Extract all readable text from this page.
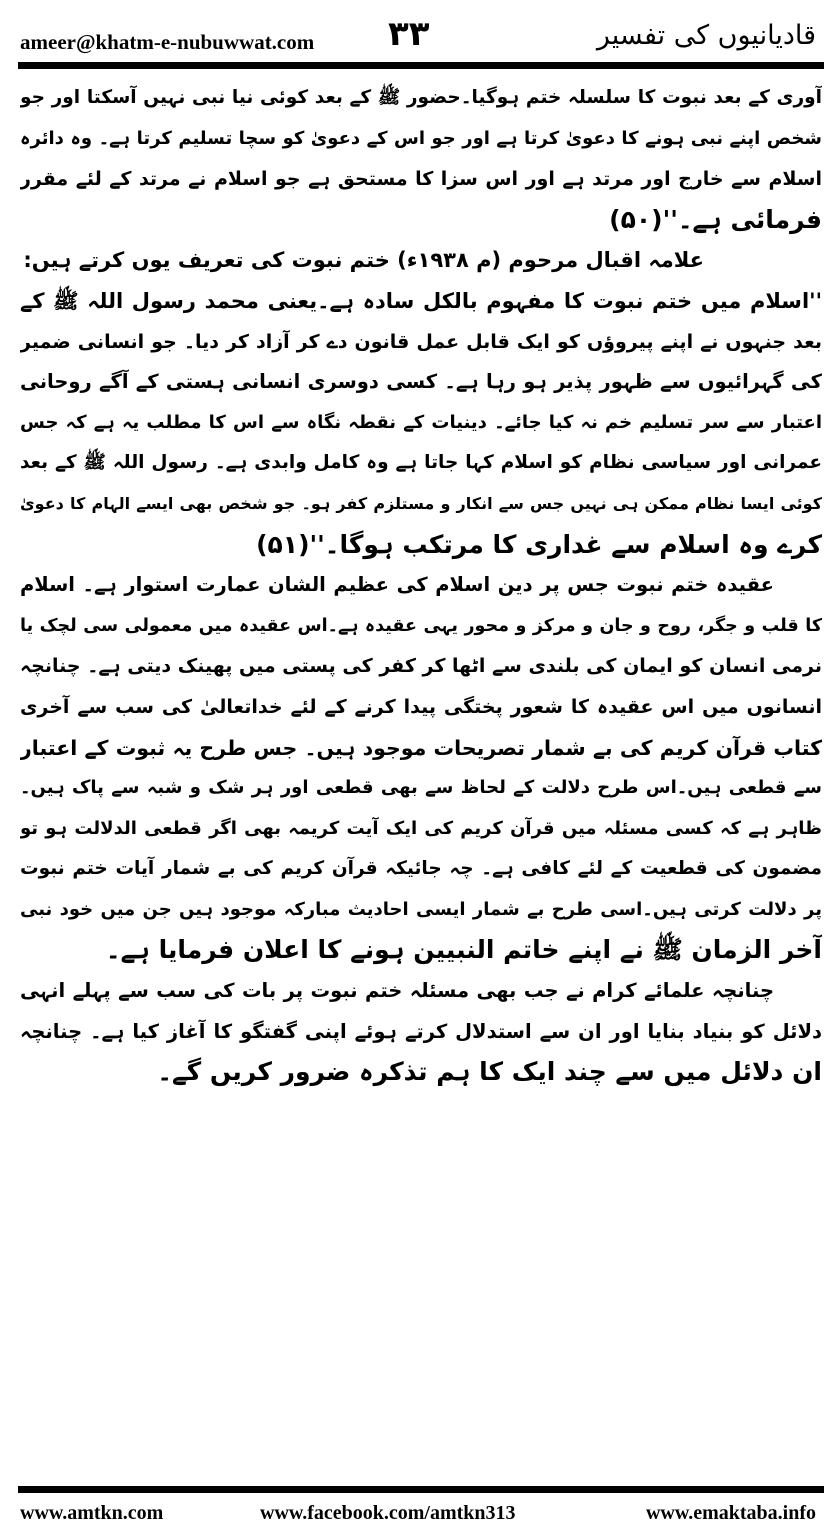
ameer@khatm-e-nubuwwat.com ۳۳	قادیانیوں کی تفسیر
آوری کے بعد نبوت کا سلسلہ ختم ہوگیا۔حضور ﷺ کے بعد کوئی نیا نبی نہیں آسکتا اور جو
شخص اپنے نبی ہونے کا دعویٰ کرتا ہے اور جو اس کے دعویٰ کو سچا تسلیم کرتا ہے۔ وہ دائرہ
اسلام سے خارج اور مرتد ہے اور اس سزا کا مستحق ہے جو اسلام نے مرتد کے لئے مقرر
فرمائی ہے۔''(۵۰)
علامہ اقبال مرحوم (م ۱۹۳۸ء) ختم نبوت کی تعریف یوں کرتے ہیں:
''اسلام میں ختم نبوت کا مفہوم بالکل سادہ ہے۔یعنی محمد رسول اللہ ﷺ کے
بعد جنہوں نے اپنے پیروؤں کو ایک قابل عمل قانون دے کر آزاد کر دیا۔ جو انسانی ضمیر
کی گہرائیوں سے ظہور پذیر ہو رہا ہے۔ کسی دوسری انسانی ہستی کے آگے روحانی
اعتبار سے سر تسلیم خم نہ کیا جائے۔ دینیات کے نقطہ نگاہ سے اس کا مطلب یہ ہے کہ جس
عمرانی اور سیاسی نظام کو اسلام کہا جاتا ہے وہ کامل وابدی ہے۔ رسول اللہ ﷺ کے بعد
کوئی ایسا نظام ممکن ہی نہیں جس سے انکار و مستلزم کفر ہو۔ جو شخص بھی ایسے الہام کا دعویٰ
کرے وہ اسلام سے غداری کا مرتکب ہوگا۔''(۵۱)
عقیدہ ختم نبوت جس پر دین اسلام کی عظیم الشان عمارت استوار ہے۔ اسلام
کا قلب و جگر، روح و جان و مرکز و محور یہی عقیدہ ہے۔اس عقیدہ میں معمولی سی لچک یا
نرمی انسان کو ایمان کی بلندی سے اٹھا کر کفر کی پستی میں پھینک دیتی ہے۔ چنانچہ
انسانوں میں اس عقیدہ کا شعور پختگی پیدا کرنے کے لئے خداتعالیٰ کی سب سے آخری
کتاب قرآن کریم کی بے شمار تصریحات موجود ہیں۔ جس طرح یہ ثبوت کے اعتبار
سے قطعی ہیں۔اس طرح دلالت کے لحاظ سے بھی قطعی اور ہر شک و شبہ سے پاک ہیں۔
ظاہر ہے کہ کسی مسئلہ میں قرآن کریم کی ایک آیت کریمہ بھی اگر قطعی الدلالت ہو تو
مضمون کی قطعیت کے لئے کافی ہے۔ چہ جائیکہ قرآن کریم کی بے شمار آیات ختم نبوت
پر دلالت کرتی ہیں۔اسی طرح بے شمار ایسی احادیث مبارکہ موجود ہیں جن میں خود نبی
آخر الزمان ﷺ نے اپنے خاتم النبیین ہونے کا اعلان فرمایا ہے۔
چنانچہ علمائے کرام نے جب بھی مسئلہ ختم نبوت پر بات کی سب سے پہلے انہی
دلائل کو بنیاد بنایا اور ان سے استدلال کرتے ہوئے اپنی گفتگو کا آغاز کیا ہے۔ چنانچہ
ان دلائل میں سے چند ایک کا ہم تذکرہ ضرور کریں گے۔
www.amtkn.com	www.facebook.com/amtkn313	www.emaktaba.info
